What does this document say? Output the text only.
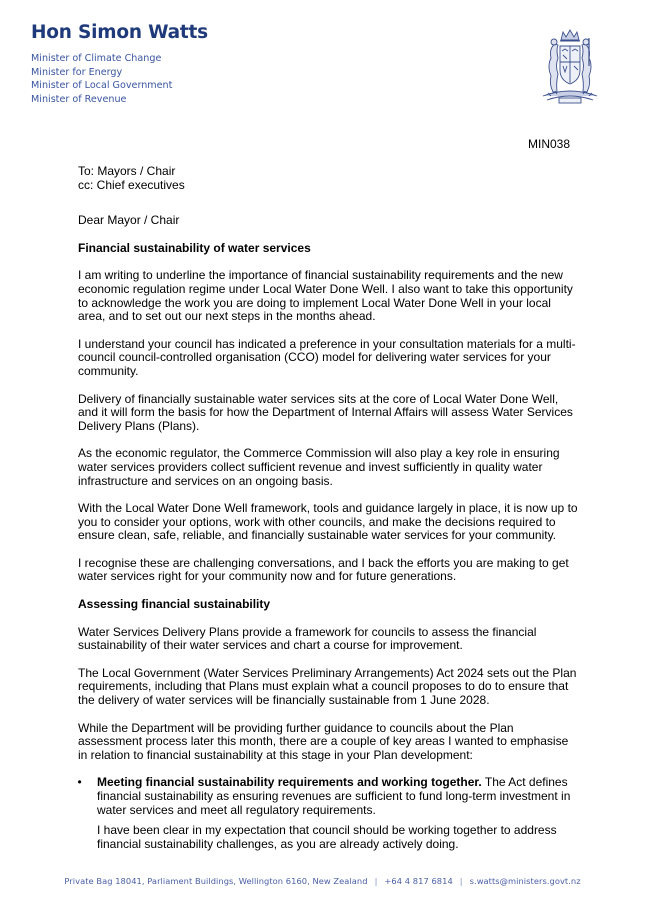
Hon Simon Watts
Minister of Climate Change
Minister for Energy
Minister of Local Government
Minister of Revenue
MIN038
To: Mayors / Chair
cc: Chief executives

Dear Mayor / Chair

Financial sustainability of water services

I am writing to underline the importance of financial sustainability requirements and the new economic regulation regime under Local Water Done Well. I also want to take this opportunity to acknowledge the work you are doing to implement Local Water Done Well in your local area, and to set out our next steps in the months ahead.

I understand your council has indicated a preference in your consultation materials for a multi-council council-controlled organisation (CCO) model for delivering water services for your community.

Delivery of financially sustainable water services sits at the core of Local Water Done Well, and it will form the basis for how the Department of Internal Affairs will assess Water Services Delivery Plans (Plans).

As the economic regulator, the Commerce Commission will also play a key role in ensuring water services providers collect sufficient revenue and invest sufficiently in quality water infrastructure and services on an ongoing basis.

With the Local Water Done Well framework, tools and guidance largely in place, it is now up to you to consider your options, work with other councils, and make the decisions required to ensure clean, safe, reliable, and financially sustainable water services for your community.

I recognise these are challenging conversations, and I back the efforts you are making to get water services right for your community now and for future generations.

Assessing financial sustainability

Water Services Delivery Plans provide a framework for councils to assess the financial sustainability of their water services and chart a course for improvement.

The Local Government (Water Services Preliminary Arrangements) Act 2024 sets out the Plan requirements, including that Plans must explain what a council proposes to do to ensure that the delivery of water services will be financially sustainable from 1 June 2028.

While the Department will be providing further guidance to councils about the Plan assessment process later this month, there are a couple of key areas I wanted to emphasise in relation to financial sustainability at this stage in your Plan development:

• Meeting financial sustainability requirements and working together. The Act defines financial sustainability as ensuring revenues are sufficient to fund long-term investment in water services and meet all regulatory requirements.

I have been clear in my expectation that council should be working together to address financial sustainability challenges, as you are already actively doing.

Private Bag 18041, Parliament Buildings, Wellington 6160, New Zealand | +64 4 817 6814 | s.watts@ministers.govt.nz
